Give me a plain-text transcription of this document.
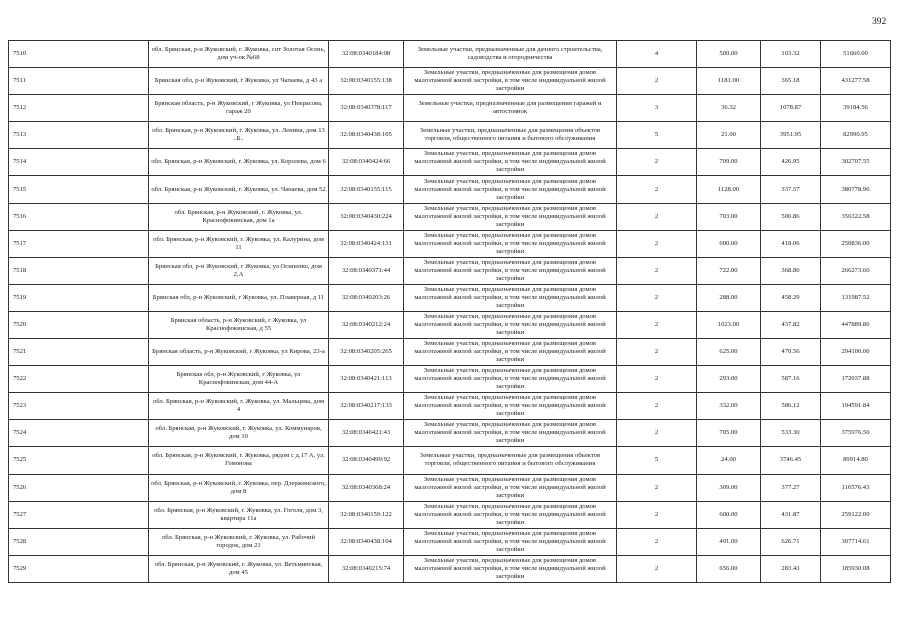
392
7510	обл. Брянская, р-н Жуковский, г. Жуковка, снт Золотая Осень, дом уч-ок №68	32:08:0340184:98	Земельные участки, предназначенные для дачного строительства, садоводства и огородничества	4	500.00	103.32	51660.00
7511	Брянская обл, р-н Жуковский, г Жуковка, ул Чапаева, д 43 а	32:08:0340155:138	Земельные участки, предназначенные для размещения домов малоэтажной жилой застройки, в том числе индивидуальной жилой застройки	2	1181.00	365.18	431277.58
7512	Брянская область, р-н Жуковский, г Жуковка, ул Некрасова, гараж 20	32:08:0340378:117	Земельные участки, предназначенные для размещения гаражей и автостоянок	3	36.32	1078.87	39184.56
7513	обл. Брянская, р-н Жуковский, г. Жуковка, ул. Ленина, дом 13 ..Б..	32:08:0340438:105	Земельные участки, предназначенные для размещения объектов торговли, общественного питания и бытового обслуживания	5	21.00	3951.95	82990.95
7514	обл. Брянская, р-н Жуковский, г. Жуковка, ул. Королева, дом 6	32:08:0340424:66	Земельные участки, предназначенные для размещения домов малоэтажной жилой застройки, в том числе индивидуальной жилой застройки	2	709.00	426.95	302707.55
7515	обл. Брянская, р-н Жуковский, г. Жуковка, ул. Чапаева, дом 52	32:08:0340155:115	Земельные участки, предназначенные для размещения домов малоэтажной жилой застройки, в том числе индивидуальной жилой застройки	2	1128.00	337.57	380778.96
7516	обл. Брянская, р-н Жуковский, г. Жуковка, ул. Краснофокинская, дом 1а	32:08:0340430:224	Земельные участки, предназначенные для размещения домов малоэтажной жилой застройки, в том числе индивидуальной жилой застройки	2	703.00	506.86	356322.58
7517	обл. Брянская, р-н Жуковский, г. Жуковка, ул. Калурина, дом 11	32:08:0340424:131	Земельные участки, предназначенные для размещения домов малоэтажной жилой застройки, в том числе индивидуальной жилой застройки	2	600.00	418.06	250836.00
7518	Брянская обл, р-н Жуковский, г Жуковка, ул Осипенко, дом 2,А	32:08:0340371:44	Земельные участки, предназначенные для размещения домов малоэтажной жилой застройки, в том числе индивидуальной жилой застройки	2	722.00	368.80	266273.60
7519	Брянская обл, р-н Жуковский, г Жуковка, ул. Плаверная, д 11	32:08:0340203:26	Земельные участки, предназначенные для размещения домов малоэтажной жилой застройки, в том числе индивидуальной жилой застройки	2	288.00	458.29	131987.52
7520	Брянская область, р-н Жуковский, г Жуковка, ул Краснофокинская, д 55	32:08:0340212:24	Земельные участки, предназначенные для размещения домов малоэтажной жилой застройки, в том числе индивидуальной жилой застройки	2	1023.00	437.82	447889.86
7521	Брянская область, р-н Жуковский, г Жуковка, ул Кирова, 23-а	32:08:0340205:265	Земельные участки, предназначенные для размещения домов малоэтажной жилой застройки, в том числе индивидуальной жилой застройки	2	625.00	470.56	294100.00
7522	Брянская обл, р-н Жуковский, г Жуковка, ул Краснофокинская, дом 44-А	32:08:0340421:113	Земельные участки, предназначенные для размещения домов малоэтажной жилой застройки, в том числе индивидуальной жилой застройки	2	293.00	587.16	172037.88
7523	обл. Брянская, р-н Жуковский, г. Жуковка, ул. Мальцева, дом 4	32:08:0340217:133	Земельные участки, предназначенные для размещения домов малоэтажной жилой застройки, в том числе индивидуальной жилой застройки	2	332.00	586.12	194591.84
7524	обл. Брянская, р-н Жуковский, г. Жуковка, ул. Коммунаров, дом 10	32:08:0340421:43	Земельные участки, предназначенные для размещения домов малоэтажной жилой застройки, в том числе индивидуальной жилой застройки	2	705.00	533.30	375976.50
7525	обл. Брянская, р-н Жуковский, г. Жуковка, рядом с д.17 А, ул. Гомонова	32:08:0340499:92	Земельные участки, предназначенные для размещения объектов торговли, общественного питания и бытового обслуживания	5	24.00	3746.45	89914.80
7526	обл. Брянская, р-н Жуковский, г. Жуковка, пер. Дзержинского, дом 8	32:08:0340368:24	Земельные участки, предназначенные для размещения домов малоэтажной жилой застройки, в том числе индивидуальной жилой застройки	2	309.00	377.27	116576.43
7527	обл. Брянская, р-н Жуковский, г. Жуковка, ул. Гоголя, дом 3, квартира 11а	32:08:0340159:122	Земельные участки, предназначенные для размещения домов малоэтажной жилой застройки, в том числе индивидуальной жилой застройки	2	600.00	431.87	259122.00
7528	обл. Брянская, р-н Жуковский, г. Жуковка, ул. Рабочий городок, дом 21	32:08:0340438:104	Земельные участки, предназначенные для размещения домов малоэтажной жилой застройки, в том числе индивидуальной жилой застройки	2	491.00	626.71	307714.61
7529	обл. Брянская, р-н Жуковский, г. Жуковка, ул. Ветьминская, дом 45	32:08:0340215:74	Земельные участки, предназначенные для размещения домов малоэтажной жилой застройки, в том числе индивидуальной жилой застройки	2	656.00	283.43	185930.08
